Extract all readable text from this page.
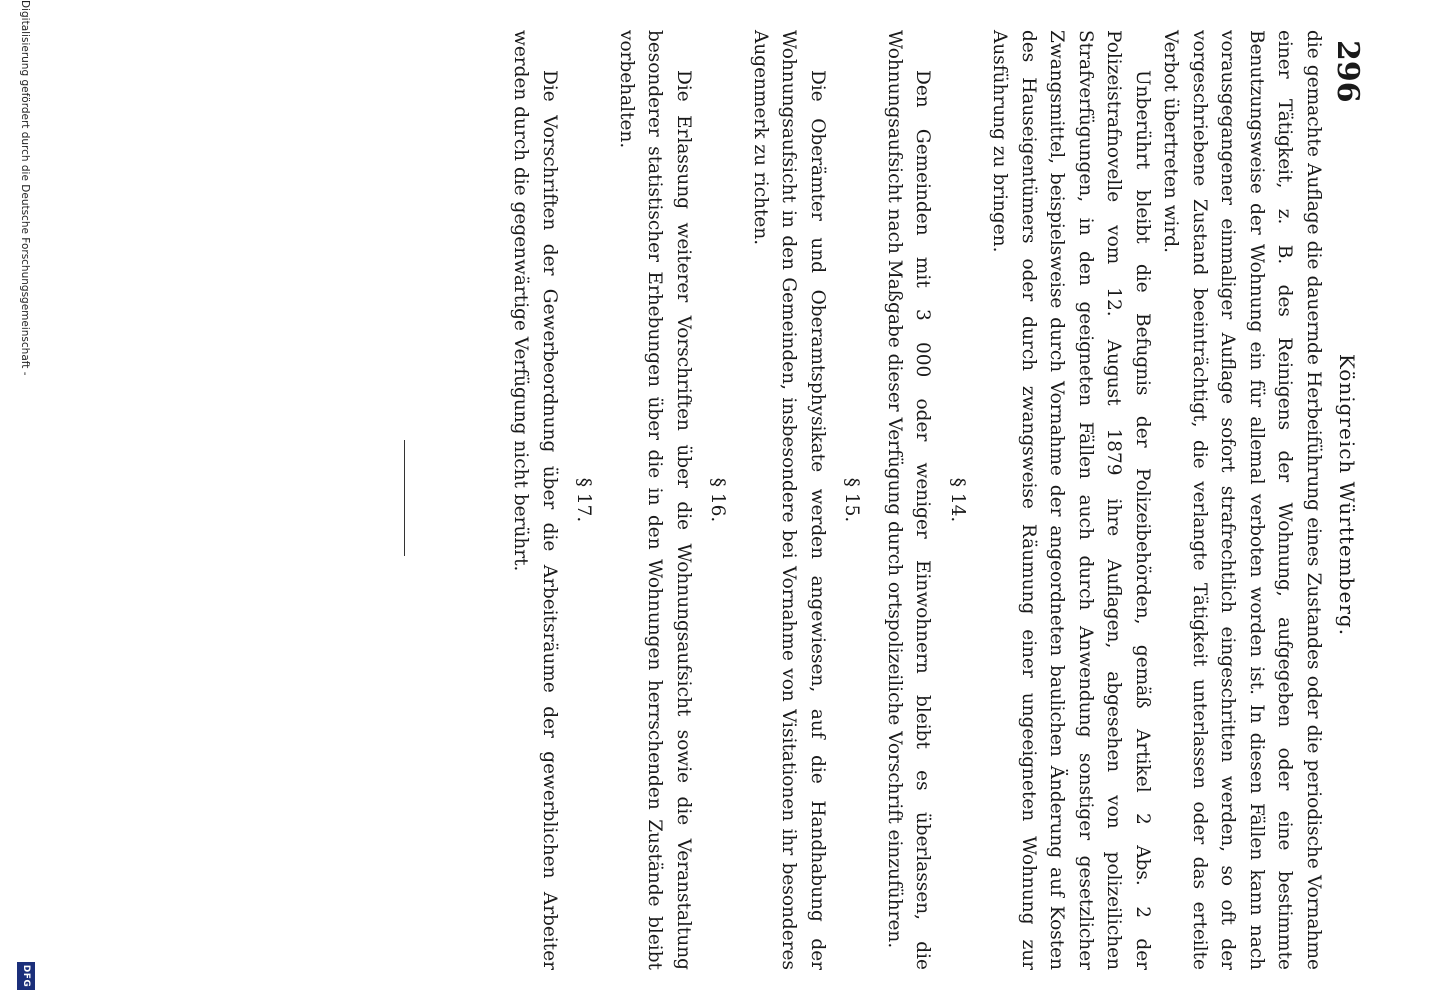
296
Königreich Württemberg.

die gemachte Auflage die dauernde Herbeiführung eines Zustandes oder die periodische Vornahme einer Tätigkeit, z. B. des Reinigens der Wohnung, aufgegeben oder eine bestimmte Benutzungsweise der Wohnung ein für allemal verboten worden ist. In diesen Fällen kann nach vorausgegangener einmaliger Auflage sofort strafrechtlich eingeschritten werden, so oft der vorgeschriebene Zustand beeinträchtigt, die verlangte Tätigkeit unterlassen oder das erteilte Verbot übertreten wird.

Unberührt bleibt die Befugnis der Polizeibehörden, gemäß Artikel 2 Abs. 2 der Polizeistrafnovelle vom 12. August 1879 ihre Auflagen, abgesehen von polizeilichen Strafverfügungen, in den geeigneten Fällen auch durch Anwendung sonstiger gesetzlicher Zwangsmittel, beispielsweise durch Vornahme der angeordneten baulichen Änderung auf Kosten des Hauseigentümers oder durch zwangsweise Räumung einer ungeeigneten Wohnung zur Ausführung zu bringen.

§ 14.

Den Gemeinden mit 3 000 oder weniger Einwohnern bleibt es überlassen, die Wohnungsaufsicht nach Maßgabe dieser Verfügung durch ortspolizeiliche Vorschrift einzuführen.

§ 15.

Die Oberämter und Oberamtsphysikate werden angewiesen, auf die Handhabung der Wohnungsaufsicht in den Gemeinden, insbesondere bei Vornahme von Visitationen ihr besonderes Augenmerk zu richten.

§ 16.

Die Erlassung weiterer Vorschriften über die Wohnungsaufsicht sowie die Veranstaltung besonderer statistischer Erhebungen über die in den Wohnungen herrschenden Zustände bleibt vorbehalten.

§ 17.

Die Vorschriften der Gewerbeordnung über die Arbeitsräume der gewerblichen Arbeiter werden durch die gegenwärtige Verfügung nicht berührt.

Digitalisierung gefördert durch die Deutsche Forschungsgemeinschaft -
DFG
